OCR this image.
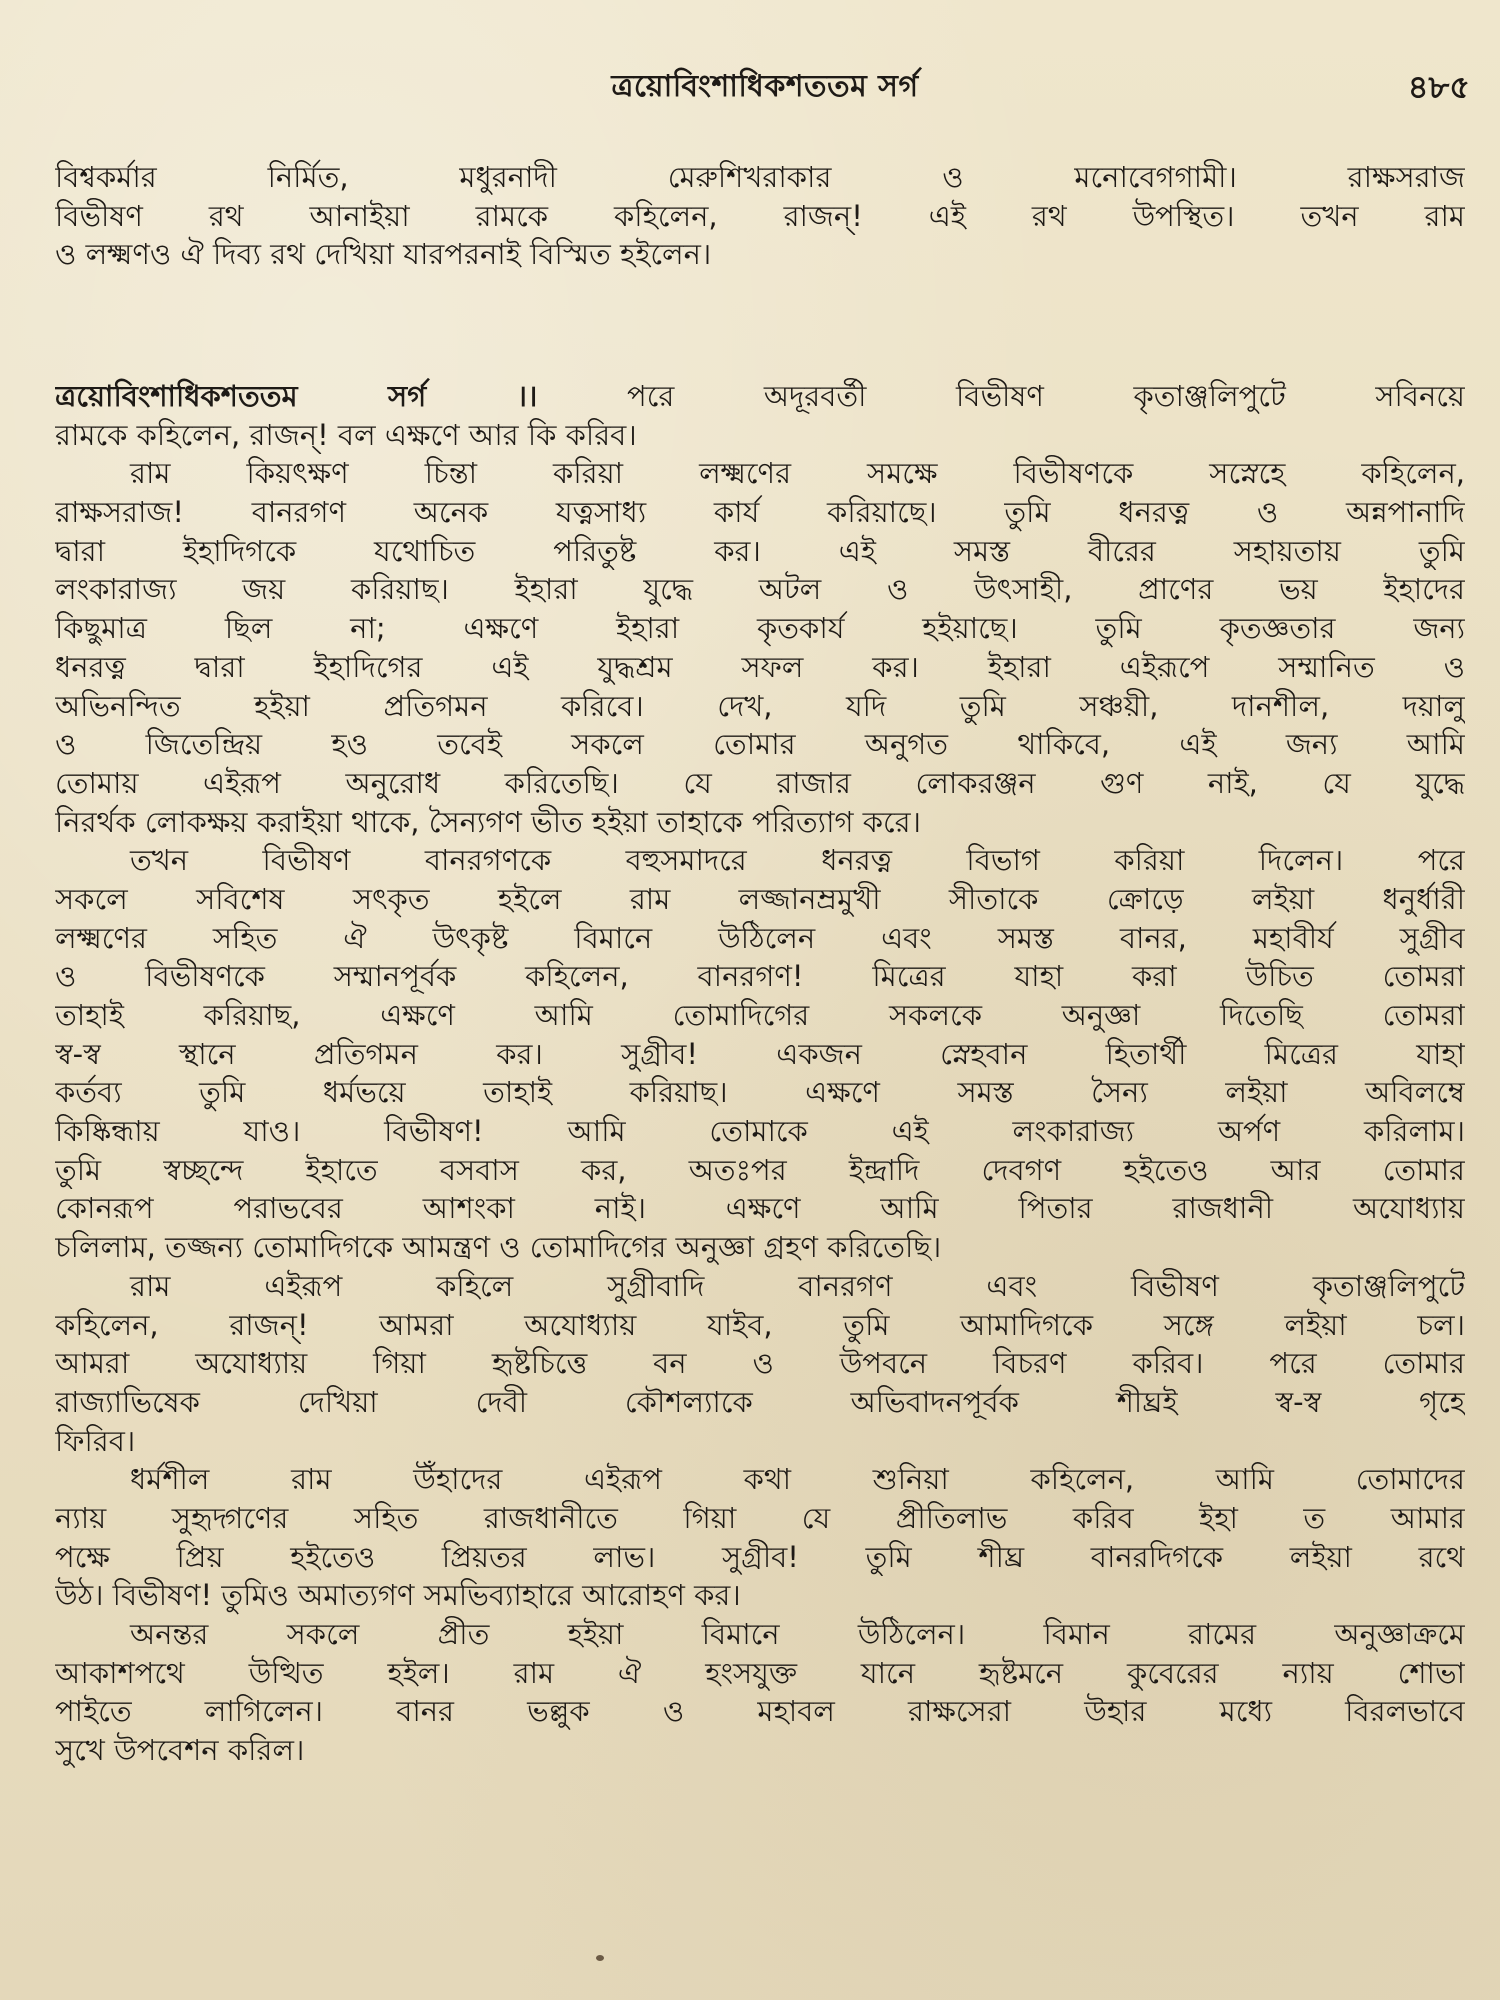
ত্রয়োবিংশাধিকশততম সর্গ	৪৮৫
বিশ্বকর্মার নির্মিত, মধুরনাদী মেরুশিখরাকার ও মনোবেগগামী। রাক্ষসরাজ
বিভীষণ রথ আনাইয়া রামকে কহিলেন, রাজন্! এই রথ উপস্থিত। তখন রাম
ও লক্ষ্মণও ঐ দিব্য রথ দেখিয়া যারপরনাই বিস্মিত হইলেন।
ত্রয়োবিংশাধিকশততম সর্গ ।। পরে অদূরবর্তী বিভীষণ কৃতাঞ্জলিপুটে সবিনয়ে
রামকে কহিলেন, রাজন্! বল এক্ষণে আর কি করিব।
রাম কিয়ৎক্ষণ চিন্তা করিয়া লক্ষ্মণের সমক্ষে বিভীষণকে সস্নেহে কহিলেন,
রাক্ষসরাজ! বানরগণ অনেক যত্নসাধ্য কার্য করিয়াছে। তুমি ধনরত্ন ও অন্নপানাদি
দ্বারা ইহাদিগকে যথোচিত পরিতুষ্ট কর। এই সমস্ত বীরের সহায়তায় তুমি
লংকারাজ্য জয় করিয়াছ। ইহারা যুদ্ধে অটল ও উৎসাহী, প্রাণের ভয় ইহাদের
কিছুমাত্র ছিল না; এক্ষণে ইহারা কৃতকার্য হইয়াছে। তুমি কৃতজ্ঞতার জন্য
ধনরত্ন দ্বারা ইহাদিগের এই যুদ্ধশ্রম সফল কর। ইহারা এইরূপে সম্মানিত ও
অভিনন্দিত হইয়া প্রতিগমন করিবে। দেখ, যদি তুমি সঞ্চয়ী, দানশীল, দয়ালু
ও জিতেন্দ্রিয় হও তবেই সকলে তোমার অনুগত থাকিবে, এই জন্য আমি
তোমায় এইরূপ অনুরোধ করিতেছি। যে রাজার লোকরঞ্জন গুণ নাই, যে যুদ্ধে
নিরর্থক লোকক্ষয় করাইয়া থাকে, সৈন্যগণ ভীত হইয়া তাহাকে পরিত্যাগ করে।
তখন বিভীষণ বানরগণকে বহুসমাদরে ধনরত্ন বিভাগ করিয়া দিলেন। পরে
সকলে সবিশেষ সৎকৃত হইলে রাম লজ্জানম্রমুখী সীতাকে ক্রোড়ে লইয়া ধনুর্ধারী
লক্ষ্মণের সহিত ঐ উৎকৃষ্ট বিমানে উঠিলেন এবং সমস্ত বানর, মহাবীর্য সুগ্রীব
ও বিভীষণকে সম্মানপূর্বক কহিলেন, বানরগণ! মিত্রের যাহা করা উচিত তোমরা
তাহাই করিয়াছ, এক্ষণে আমি তোমাদিগের সকলকে অনুজ্ঞা দিতেছি তোমরা
স্ব-স্ব স্থানে প্রতিগমন কর। সুগ্রীব! একজন স্নেহবান হিতার্থী মিত্রের যাহা
কর্তব্য তুমি ধর্মভয়ে তাহাই করিয়াছ। এক্ষণে সমস্ত সৈন্য লইয়া অবিলম্বে
কিষ্কিন্ধায় যাও। বিভীষণ! আমি তোমাকে এই লংকারাজ্য অর্পণ করিলাম।
তুমি স্বচ্ছন্দে ইহাতে বসবাস কর, অতঃপর ইন্দ্রাদি দেবগণ হইতেও আর তোমার
কোনরূপ পরাভবের আশংকা নাই। এক্ষণে আমি পিতার রাজধানী অযোধ্যায়
চলিলাম, তজ্জন্য তোমাদিগকে আমন্ত্রণ ও তোমাদিগের অনুজ্ঞা গ্রহণ করিতেছি।
রাম এইরূপ কহিলে সুগ্রীবাদি বানরগণ এবং বিভীষণ কৃতাঞ্জলিপুটে
কহিলেন, রাজন্! আমরা অযোধ্যায় যাইব, তুমি আমাদিগকে সঙ্গে লইয়া চল।
আমরা অযোধ্যায় গিয়া হৃষ্টচিত্তে বন ও উপবনে বিচরণ করিব। পরে তোমার
রাজ্যাভিষেক দেখিয়া দেবী কৌশল্যাকে অভিবাদনপূর্বক শীঘ্রই স্ব-স্ব গৃহে
ফিরিব।
ধর্মশীল রাম উঁহাদের এইরূপ কথা শুনিয়া কহিলেন, আমি তোমাদের
ন্যায় সুহৃদ্গণের সহিত রাজধানীতে গিয়া যে প্রীতিলাভ করিব ইহা ত আমার
পক্ষে প্রিয় হইতেও প্রিয়তর লাভ। সুগ্রীব! তুমি শীঘ্র বানরদিগকে লইয়া রথে
উঠ। বিভীষণ! তুমিও অমাত্যগণ সমভিব্যাহারে আরোহণ কর।
অনন্তর সকলে প্রীত হইয়া বিমানে উঠিলেন। বিমান রামের অনুজ্ঞাক্রমে
আকাশপথে উত্থিত হইল। রাম ঐ হংসযুক্ত যানে হৃষ্টমনে কুবেরের ন্যায় শোভা
পাইতে লাগিলেন। বানর ভল্লুক ও মহাবল রাক্ষসেরা উহার মধ্যে বিরলভাবে
সুখে উপবেশন করিল।
